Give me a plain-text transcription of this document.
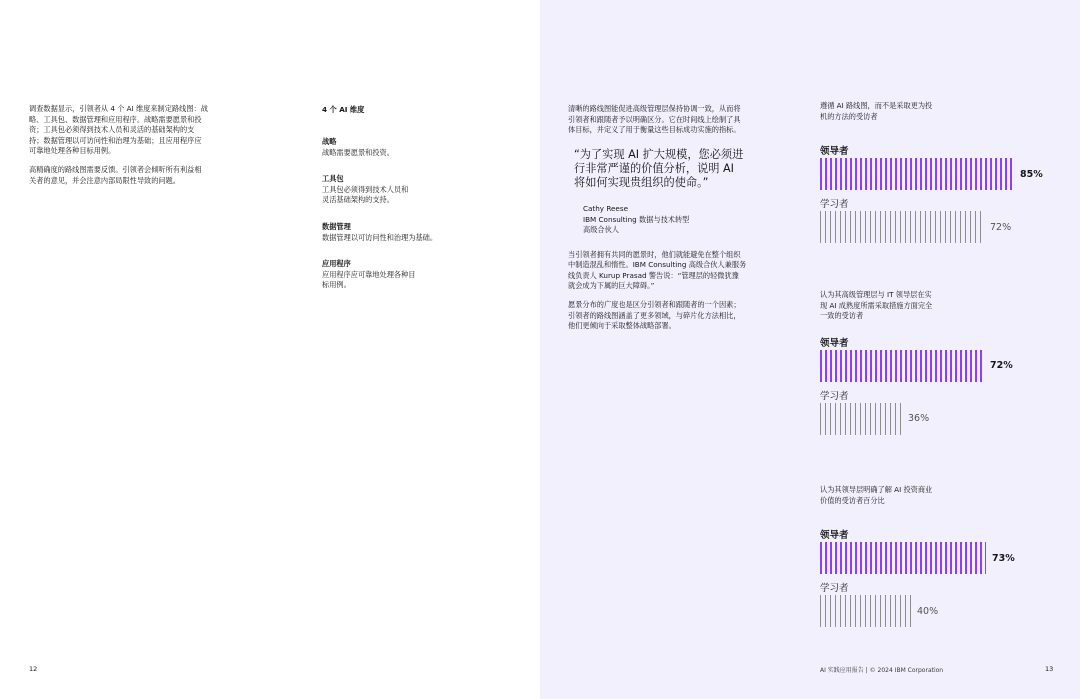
调查数据显示，引领者从 4 个 AI 维度来制定路线图：战
略、工具包、数据管理和应用程序。战略需要愿景和投
资；工具包必须得到技术人员和灵活的基础架构的支
持；数据管理以可访问性和治理为基础；且应用程序应
可靠地处理各种目标用例。

高精确度的路线图需要反馈。引领者会倾听所有利益相
关者的意见，并会注意内部局限性导致的问题。

4 个 AI 维度
战略

战略需要愿景和投资。

工具包

工具包必须得到技术人员和
灵活基础架构的支持。

数据管理

数据管理以可访问性和治理为基础。

应用程序

应用程序应可靠地处理各种目
标用例。

12

清晰的路线图能促进高级管理层保持协调一致，从而将
引领者和跟随者予以明确区分。它在时间线上绘制了具
体目标，并定义了用于衡量这些目标成功实施的指标。

“为了实现 AI 扩大规模，您必须进
行非常严谨的价值分析，说明 AI
将如何实现贵组织的使命。”
Cathy Reese
IBM Consulting 数据与技术转型
高级合伙人

当引领者拥有共同的愿景时，他们就能避免在整个组织
中制造混乱和惰性。IBM Consulting 高级合伙人兼服务
线负责人 Kurup Prasad 警告说：“管理层的轻微犹豫
就会成为下属的巨大障碍。”

愿景分布的广度也是区分引领者和跟随者的一个因素；
引领者的路线图涵盖了更多领域，与碎片化方法相比，
他们更倾向于采取整体战略部署。

遵循 AI 路线图，而不是采取更为投
机的方法的受访者

领导者

85%

学习者

72%

认为其高级管理层与 IT 领导层在实
现 AI 成熟度所需采取措施方面完全
一致的受访者

领导者

72%

学习者

36%

认为其领导层明确了解 AI 投资商业
价值的受访者百分比

领导者

73%

学习者

40%
AI 实践应用报告 | © 2024 IBM Corporation	13
